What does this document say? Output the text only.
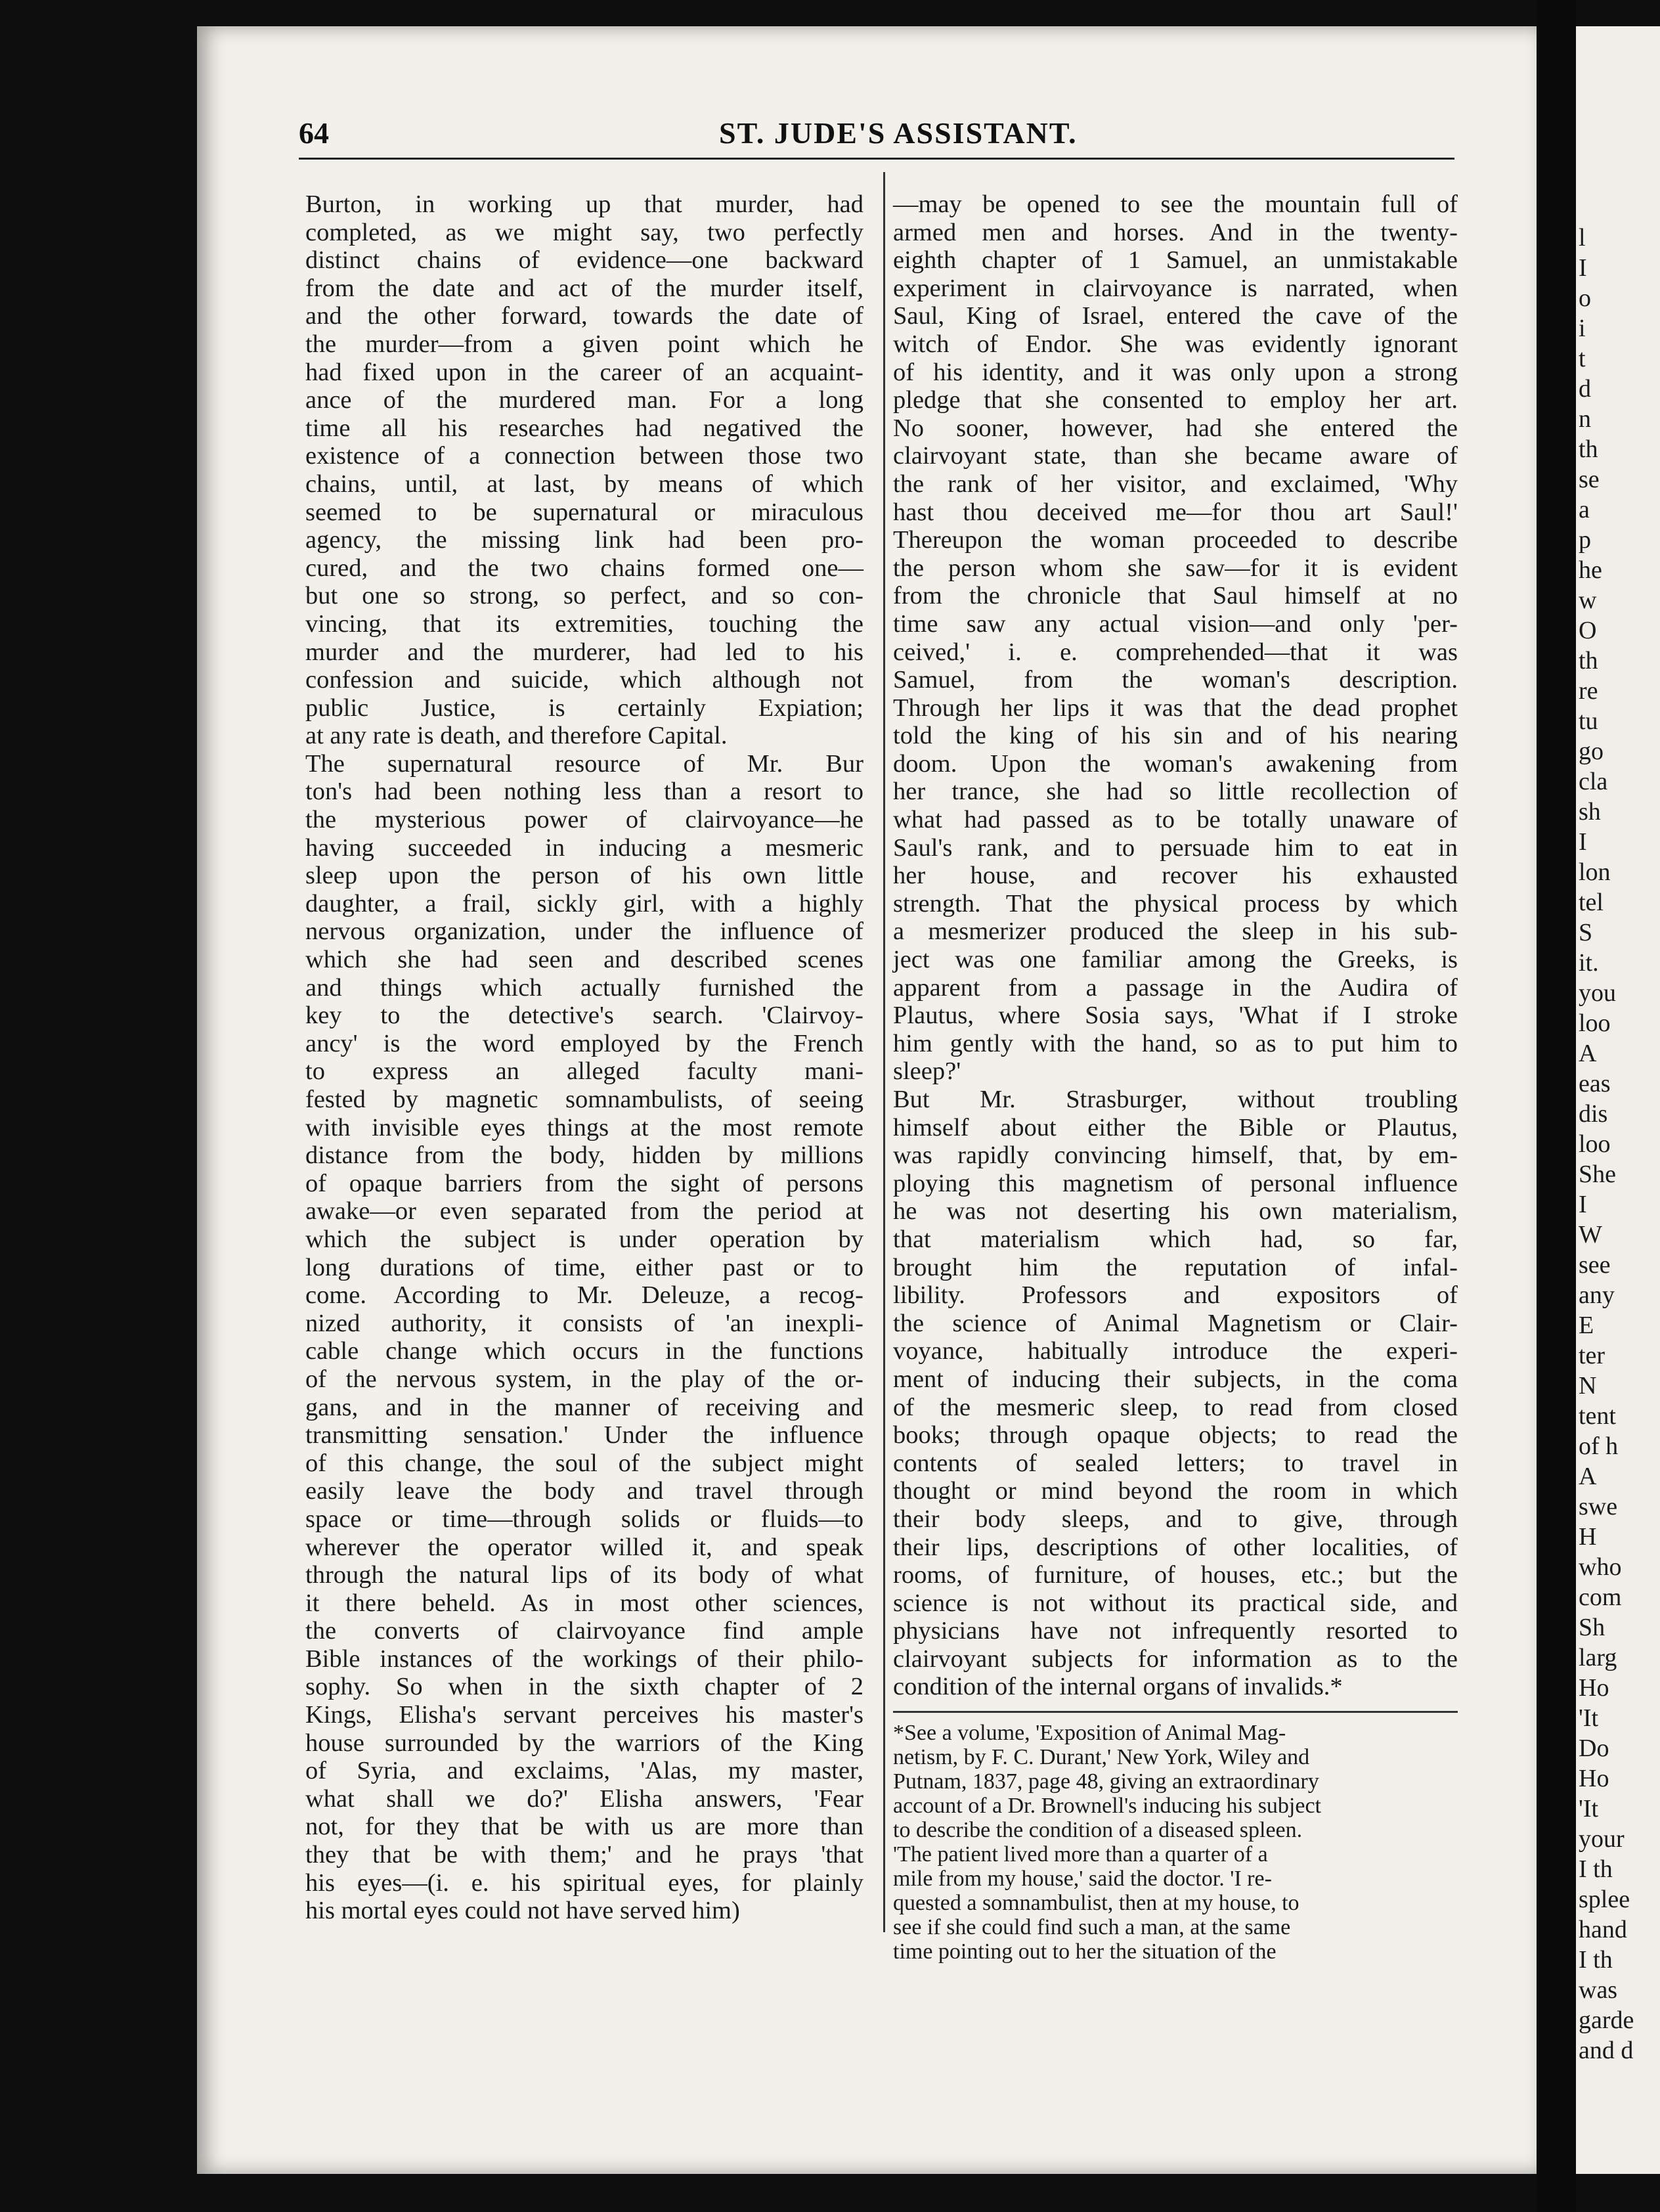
l
I
o
i
t
d
n
th
se
a
p
he
w
O
th
re
tu
go
cla
sh
I
lon
tel
S
it.
you
loo
A
eas
dis
loo
She
I
W
see
any
E
ter
N
tent
of h
A
swe
H
who
com
Sh
larg
Ho
'It
Do
Ho
'It
your
I th
splee
hand
I th
was
garde
and d
64	ST. JUDE'S ASSISTANT.
Burton, in working up that murder, had
completed, as we might say, two perfectly
distinct chains of evidence—one backward
from the date and act of the murder itself,
and the other forward, towards the date of
the murder—from a given point which he
had fixed upon in the career of an acquaint-
ance of the murdered man. For a long
time all his researches had negatived the
existence of a connection between those two
chains, until, at last, by means of which
seemed to be supernatural or miraculous
agency, the missing link had been pro-
cured, and the two chains formed one—
but one so strong, so perfect, and so con-
vincing, that its extremities, touching the
murder and the murderer, had led to his
confession and suicide, which although not
public Justice, is certainly Expiation;
at any rate is death, and therefore Capital.
The supernatural resource of Mr. Bur
ton's had been nothing less than a resort to
the mysterious power of clairvoyance—he
having succeeded in inducing a mesmeric
sleep upon the person of his own little
daughter, a frail, sickly girl, with a highly
nervous organization, under the influence of
which she had seen and described scenes
and things which actually furnished the
key to the detective's search. 'Clairvoy-
ancy' is the word employed by the French
to express an alleged faculty mani-
fested by magnetic somnambulists, of seeing
with invisible eyes things at the most remote
distance from the body, hidden by millions
of opaque barriers from the sight of persons
awake—or even separated from the period at
which the subject is under operation by
long durations of time, either past or to
come. According to Mr. Deleuze, a recog-
nized authority, it consists of 'an inexpli-
cable change which occurs in the functions
of the nervous system, in the play of the or-
gans, and in the manner of receiving and
transmitting sensation.' Under the influence
of this change, the soul of the subject might
easily leave the body and travel through
space or time—through solids or fluids—to
wherever the operator willed it, and speak
through the natural lips of its body of what
it there beheld. As in most other sciences,
the converts of clairvoyance find ample
Bible instances of the workings of their philo-
sophy. So when in the sixth chapter of 2
Kings, Elisha's servant perceives his master's
house surrounded by the warriors of the King
of Syria, and exclaims, 'Alas, my master,
what shall we do?' Elisha answers, 'Fear
not, for they that be with us are more than
they that be with them;' and he prays 'that
his eyes—(i. e. his spiritual eyes, for plainly
his mortal eyes could not have served him)
—may be opened to see the mountain full of
armed men and horses. And in the twenty-
eighth chapter of 1 Samuel, an unmistakable
experiment in clairvoyance is narrated, when
Saul, King of Israel, entered the cave of the
witch of Endor. She was evidently ignorant
of his identity, and it was only upon a strong
pledge that she consented to employ her art.
No sooner, however, had she entered the
clairvoyant state, than she became aware of
the rank of her visitor, and exclaimed, 'Why
hast thou deceived me—for thou art Saul!'
Thereupon the woman proceeded to describe
the person whom she saw—for it is evident
from the chronicle that Saul himself at no
time saw any actual vision—and only 'per-
ceived,' i. e. comprehended—that it was
Samuel, from the woman's description.
Through her lips it was that the dead prophet
told the king of his sin and of his nearing
doom. Upon the woman's awakening from
her trance, she had so little recollection of
what had passed as to be totally unaware of
Saul's rank, and to persuade him to eat in
her house, and recover his exhausted
strength. That the physical process by which
a mesmerizer produced the sleep in his sub-
ject was one familiar among the Greeks, is
apparent from a passage in the Audira of
Plautus, where Sosia says, 'What if I stroke
him gently with the hand, so as to put him to
sleep?'
But Mr. Strasburger, without troubling
himself about either the Bible or Plautus,
was rapidly convincing himself, that, by em-
ploying this magnetism of personal influence
he was not deserting his own materialism,
that materialism which had, so far,
brought him the reputation of infal-
libility. Professors and expositors of
the science of Animal Magnetism or Clair-
voyance, habitually introduce the experi-
ment of inducing their subjects, in the coma
of the mesmeric sleep, to read from closed
books; through opaque objects; to read the
contents of sealed letters; to travel in
thought or mind beyond the room in which
their body sleeps, and to give, through
their lips, descriptions of other localities, of
rooms, of furniture, of houses, etc.; but the
science is not without its practical side, and
physicians have not infrequently resorted to
clairvoyant subjects for information as to the
condition of the internal organs of invalids.*
*See a volume, 'Exposition of Animal Mag-
netism, by F. C. Durant,' New York, Wiley and
Putnam, 1837, page 48, giving an extraordinary
account of a Dr. Brownell's inducing his subject
to describe the condition of a diseased spleen.
'The patient lived more than a quarter of a
mile from my house,' said the doctor. 'I re-
quested a somnambulist, then at my house, to
see if she could find such a man, at the same
time pointing out to her the situation of the
